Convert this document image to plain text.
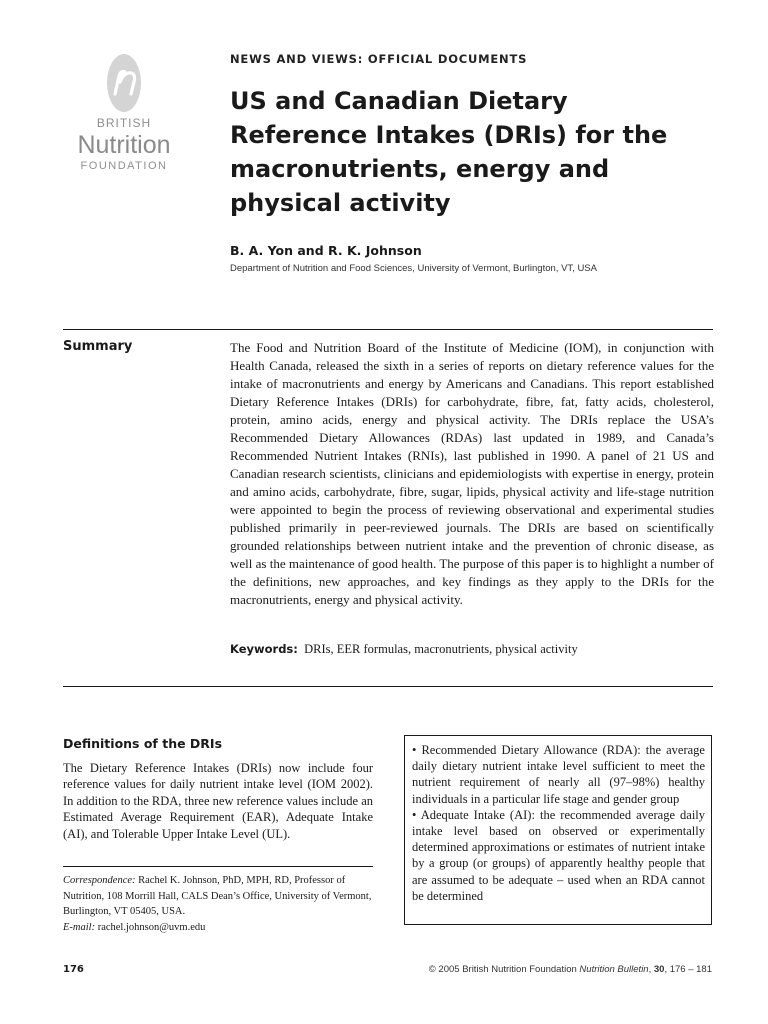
BRITISH
Nutrition
FOUNDATION
NEWS AND VIEWS: OFFICIAL DOCUMENTS
US and Canadian Dietary Reference Intakes (DRIs) for the macronutrients, energy and physical activity
B. A. Yon and R. K. Johnson
Department of Nutrition and Food Sciences, University of Vermont, Burlington, VT, USA
Summary	The Food and Nutrition Board of the Institute of Medicine (IOM), in conjunction with Health Canada, released the sixth in a series of reports on dietary reference values for the intake of macronutrients and energy by Americans and Canadians. This report established Dietary Reference Intakes (DRIs) for carbohydrate, fibre, fat, fatty acids, cholesterol, protein, amino acids, energy and physical activity. The DRIs replace the USA’s Recommended Dietary Allowances (RDAs) last updated in 1989, and Canada’s Recommended Nutrient Intakes (RNIs), last published in 1990. A panel of 21 US and Canadian research scientists, clinicians and epidemiologists with expertise in energy, protein and amino acids, carbohydrate, fibre, sugar, lipids, physical activity and life-stage nutrition were appointed to begin the process of reviewing observational and experimental studies published primarily in peer-reviewed journals. The DRIs are based on scientifically grounded relationships between nutrient intake and the prevention of chronic disease, as well as the maintenance of good health. The purpose of this paper is to highlight a number of the definitions, new approaches, and key findings as they apply to the DRIs for the macronutrients, energy and physical activity.

Keywords: DRIs, EER formulas, macronutrients, physical activity
Definitions of the DRIs

The Dietary Reference Intakes (DRIs) now include four reference values for daily nutrient intake level (IOM 2002). In addition to the RDA, three new reference values include an Estimated Average Requirement (EAR), Adequate Intake (AI), and Tolerable Upper Intake Level (UL).

Correspondence: Rachel K. Johnson, PhD, MPH, RD, Professor of Nutrition, 108 Morrill Hall, CALS Dean’s Office, University of Vermont, Burlington, VT 05405, USA.
E-mail: rachel.johnson@uvm.edu

• Recommended Dietary Allowance (RDA): the average daily dietary nutrient intake level sufficient to meet the nutrient requirement of nearly all (97–98%) healthy individuals in a particular life stage and gender group

• Adequate Intake (AI): the recommended average daily intake level based on observed or experimentally determined approximations or estimates of nutrient intake by a group (or groups) of apparently healthy people that are assumed to be adequate – used when an RDA cannot be determined

176	© 2005 British Nutrition Foundation Nutrition Bulletin, 30, 176 – 181
